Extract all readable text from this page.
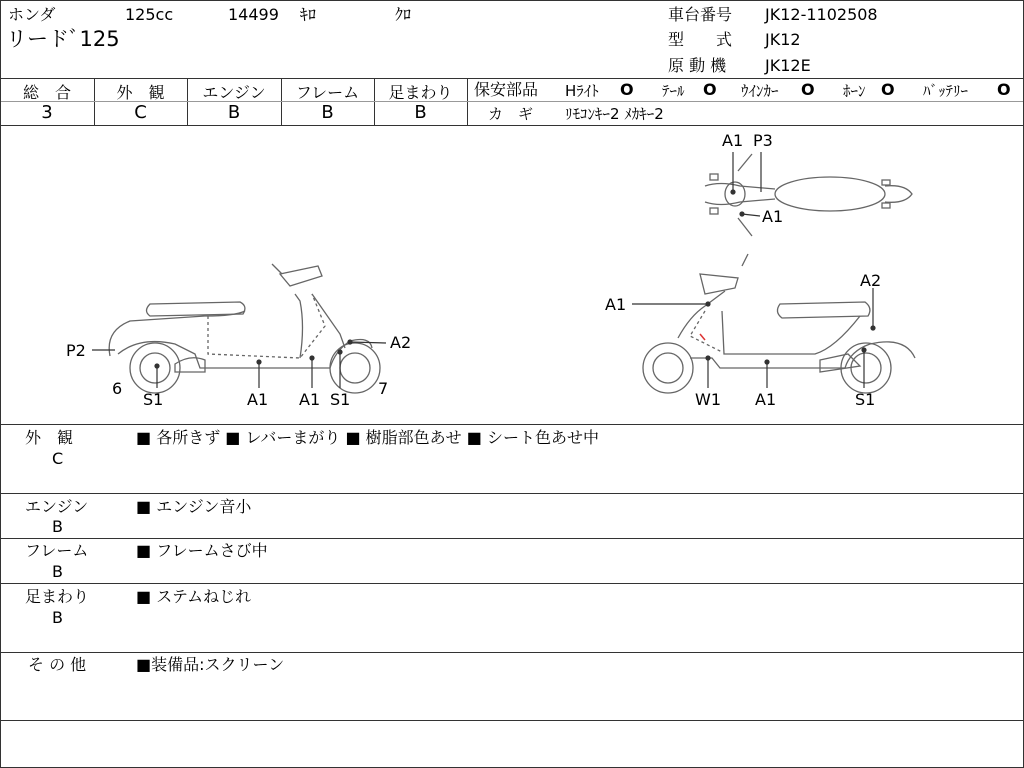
ホンダ	125cc	14499 ｷﾛ	ｸﾛ
リードﾞ125
車台番号 JK12-1102508
型　　式 JK12
原 動 機 JK12E
総　合	外　観	エンジン	フレーム	足まわり
3	C	B	B	B
保安部品 Hﾗｲﾄ O ﾃｰﾙ O ｳｲﾝｶｰ O ﾎｰﾝ O ﾊﾞｯﾃﾘｰ O
カ　ギ ﾘﾓｺﾝｷｰ2 ﾒｶｷｰ2
P2
6
S1	A1 A1 S1
7
A2
A1
A2
W1 A1	S1
A1 P3
A1
外　観
C
■ 各所きず ■ レバーまがり ■ 樹脂部色あせ ■ シート色あせ中
エンジン
B
■ エンジン音小
フレーム
B
■ フレームさび中
足まわり
B
■ ステムねじれ
そ の 他	■装備品:スクリーン
